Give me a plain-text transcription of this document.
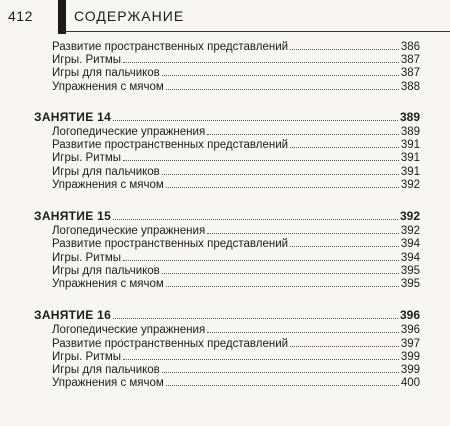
412	СОДЕРЖАНИЕ
Развитие пространственных представлений	386
Игры. Ритмы	387
Игры для пальчиков	387
Упражнения с мячом	388
ЗАНЯТИЕ 14	389
Логопедические упражнения	389
Развитие пространственных представлений	391
Игры. Ритмы	391
Игры для пальчиков	391
Упражнения с мячом	392
ЗАНЯТИЕ 15	392
Логопедические упражнения	392
Развитие пространственных представлений	394
Игры. Ритмы	394
Игры для пальчиков	395
Упражнения с мячом	395
ЗАНЯТИЕ 16	396
Логопедические упражнения	396
Развитие пространственных представлений	397
Игры. Ритмы	399
Игры для пальчиков	399
Упражнения с мячом	400
